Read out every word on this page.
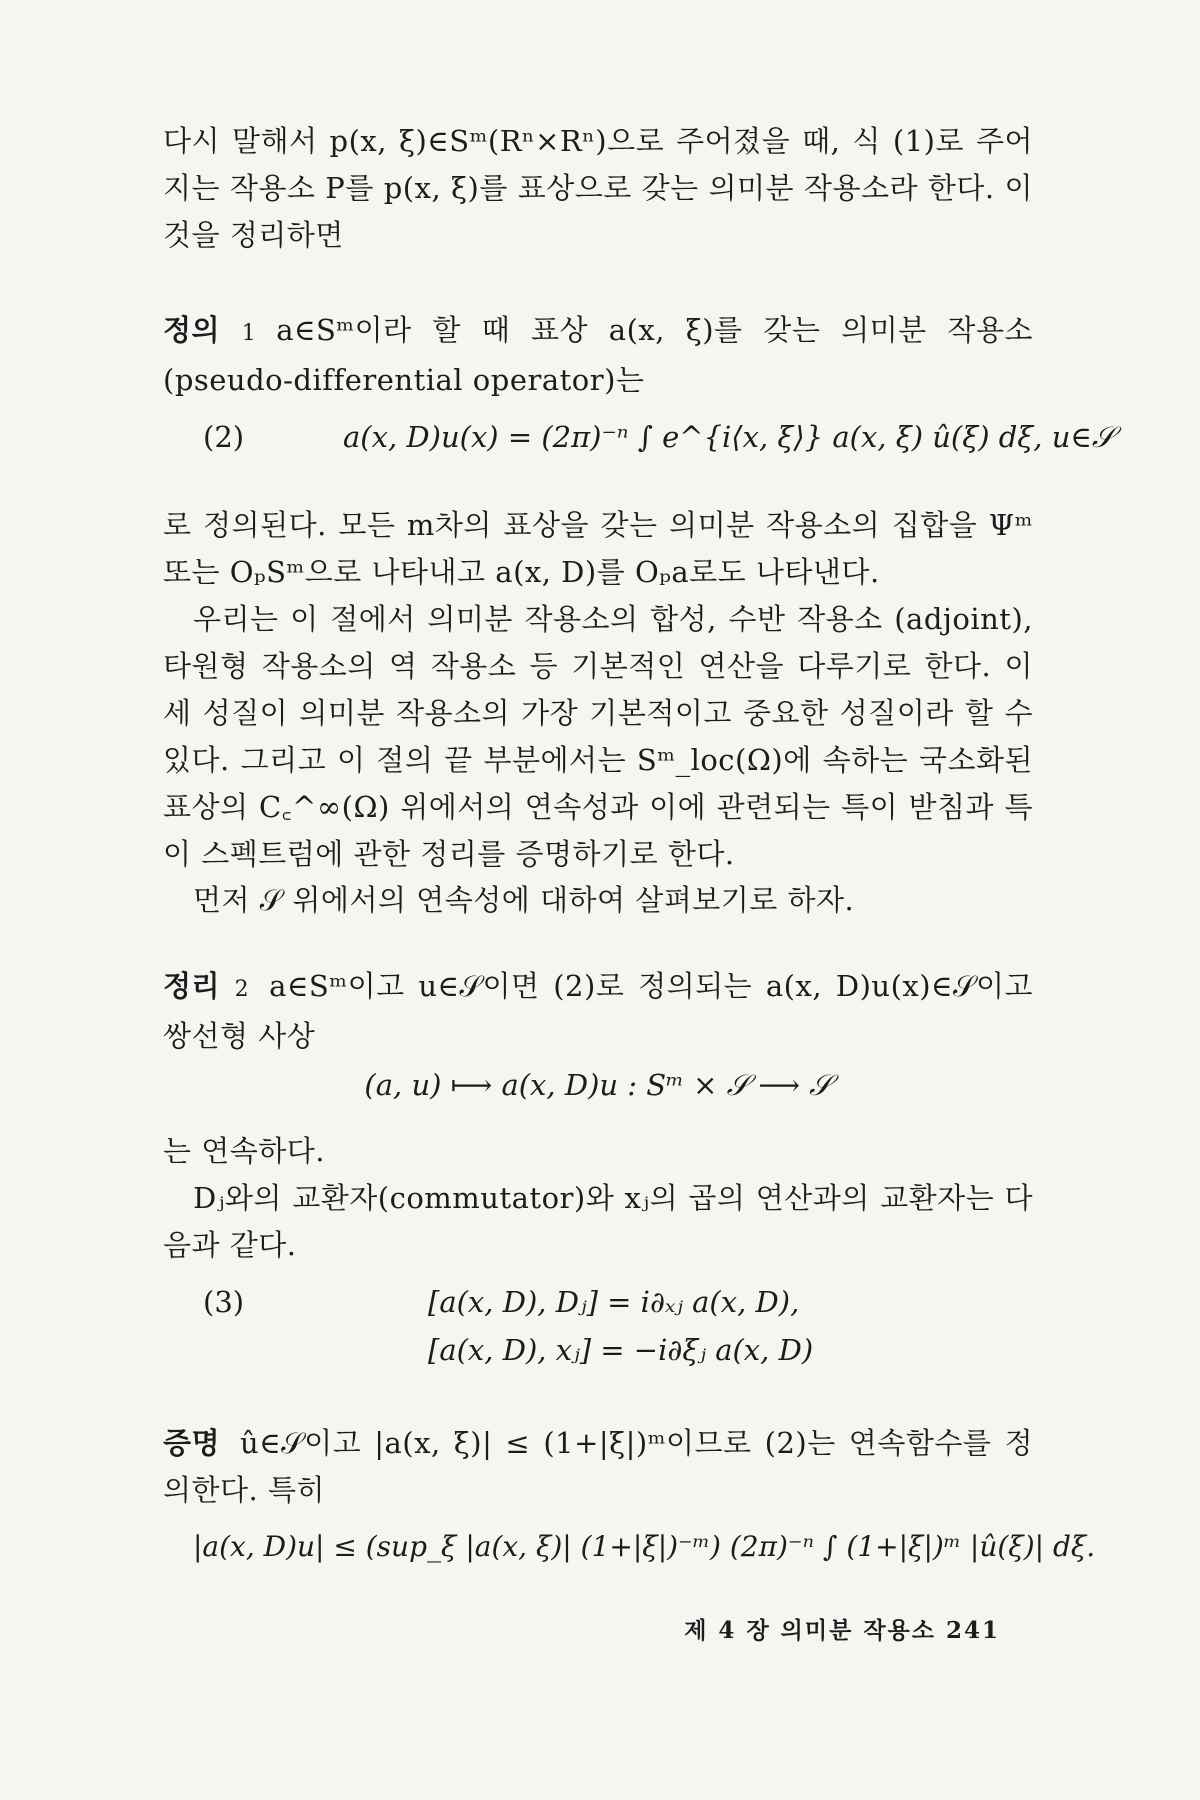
다시 말해서 p(x, ξ)∈Sᵐ(Rⁿ×Rⁿ)으로 주어졌을 때, 식 (1)로 주어지는 작용소 P를 p(x, ξ)를 표상으로 갖는 의미분 작용소라 한다. 이것을 정리하면

정의 1 a∈Sᵐ이라 할 때 표상 a(x, ξ)를 갖는 의미분 작용소(pseudo-differential operator)는

(2)	a(x, D)u(x) = (2π)⁻ⁿ ∫ e^{i⟨x, ξ⟩} a(x, ξ) û(ξ) dξ, u∈𝒮

로 정의된다. 모든 m차의 표상을 갖는 의미분 작용소의 집합을 Ψᵐ 또는 OₚSᵐ으로 나타내고 a(x, D)를 Oₚa로도 나타낸다.

우리는 이 절에서 의미분 작용소의 합성, 수반 작용소 (adjoint), 타원형 작용소의 역 작용소 등 기본적인 연산을 다루기로 한다. 이 세 성질이 의미분 작용소의 가장 기본적이고 중요한 성질이라 할 수 있다. 그리고 이 절의 끝 부분에서는 Sᵐ_loc(Ω)에 속하는 국소화된 표상의 C꜀^∞(Ω) 위에서의 연속성과 이에 관련되는 특이 받침과 특이 스펙트럼에 관한 정리를 증명하기로 한다.

먼저 𝒮 위에서의 연속성에 대하여 살펴보기로 하자.

정리 2 a∈Sᵐ이고 u∈𝒮이면 (2)로 정의되는 a(x, D)u(x)∈𝒮이고 쌍선형 사상

(a, u) ⟼ a(x, D)u : Sᵐ × 𝒮 ⟶ 𝒮

는 연속하다.

Dⱼ와의 교환자(commutator)와 xⱼ의 곱의 연산과의 교환자는 다음과 같다.

(3)	[a(x, D), Dⱼ] = i∂ₓⱼ a(x, D),
[a(x, D), xⱼ] = −i∂ξⱼ a(x, D)

증명 û∈𝒮이고 |a(x, ξ)| ≤ (1+|ξ|)ᵐ이므로 (2)는 연속함수를 정의한다. 특히

|a(x, D)u| ≤ (sup_ξ |a(x, ξ)| (1+|ξ|)⁻ᵐ) (2π)⁻ⁿ ∫ (1+|ξ|)ᵐ |û(ξ)| dξ.
제 4 장 의미분 작용소 241
